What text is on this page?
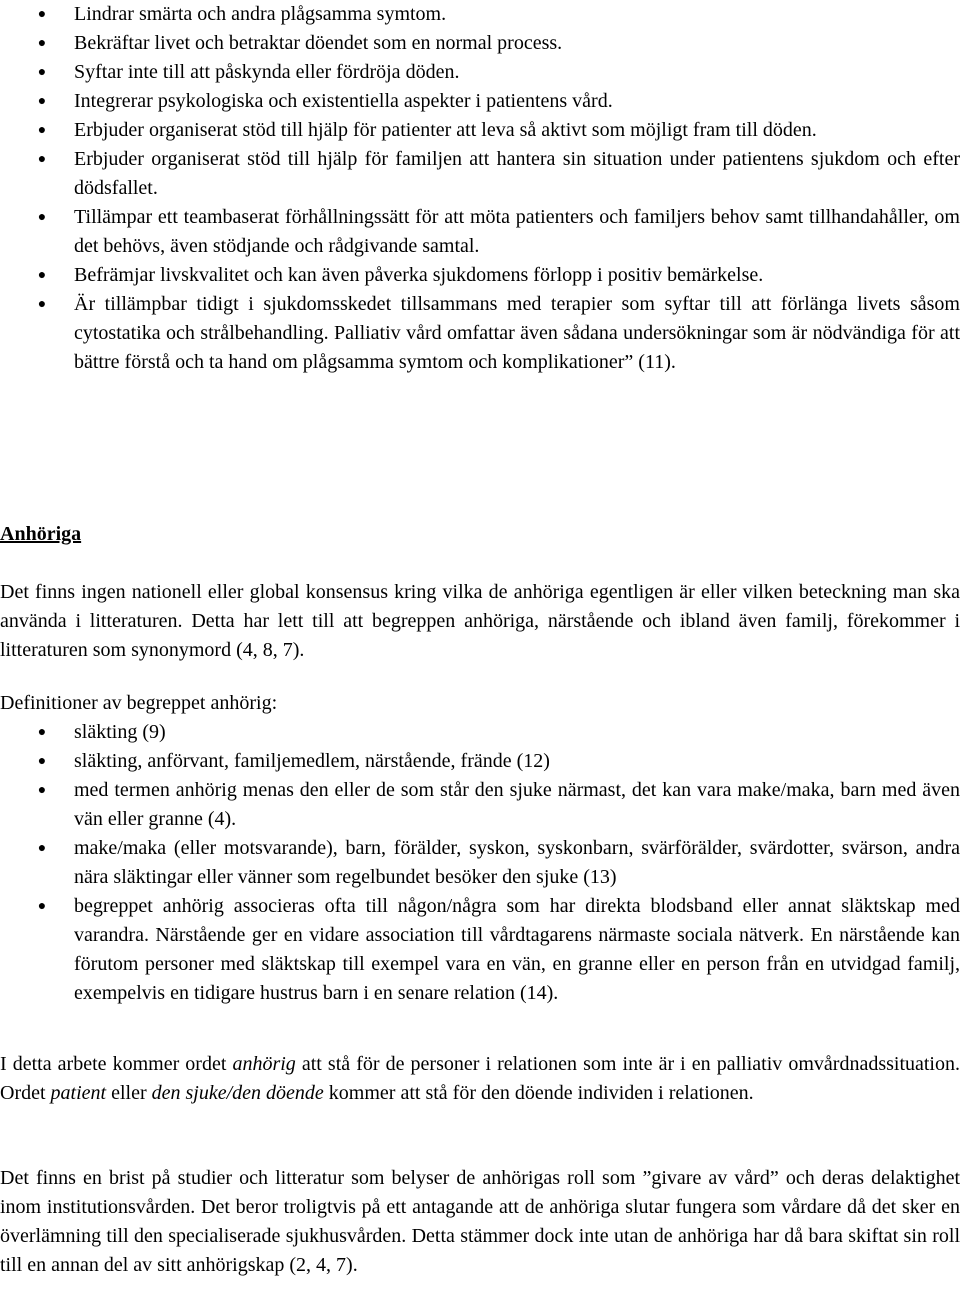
● Lindrar smärta och andra plågsamma symtom.
● Bekräftar livet och betraktar döendet som en normal process.
● Syftar inte till att påskynda eller fördröja döden.
● Integrerar psykologiska och existentiella aspekter i patientens vård.
● Erbjuder organiserat stöd till hjälp för patienter att leva så aktivt som möjligt fram till döden.
● Erbjuder organiserat stöd till hjälp för familjen att hantera sin situation under patientens sjukdom och efter dödsfallet.
● Tillämpar ett teambaserat förhållningssätt för att möta patienters och familjers behov samt tillhandahåller, om det behövs, även stödjande och rådgivande samtal.
● Befrämjar livskvalitet och kan även påverka sjukdomens förlopp i positiv bemärkelse.
● Är tillämpbar tidigt i sjukdomsskedet tillsammans med terapier som syftar till att förlänga livets såsom cytostatika och strålbehandling. Palliativ vård omfattar även sådana undersökningar som är nödvändiga för att bättre förstå och ta hand om plågsamma symtom och komplikationer” (11).

Anhöriga

Det finns ingen nationell eller global konsensus kring vilka de anhöriga egentligen är eller vilken beteckning man ska använda i litteraturen. Detta har lett till att begreppen anhöriga, närstående och ibland även familj, förekommer i litteraturen som synonymord (4, 8, 7).

Definitioner av begreppet anhörig:

● släkting (9)
● släkting, anförvant, familjemedlem, närstående, frände (12)
● med termen anhörig menas den eller de som står den sjuke närmast, det kan vara make/maka, barn med även vän eller granne (4).
● make/maka (eller motsvarande), barn, förälder, syskon, syskonbarn, svärförälder, svärdotter, svärson, andra nära släktingar eller vänner som regelbundet besöker den sjuke (13)
● begreppet anhörig associeras ofta till någon/några som har direkta blodsband eller annat släktskap med varandra. Närstående ger en vidare association till vårdtagarens närmaste sociala nätverk. En närstående kan förutom personer med släktskap till exempel vara en vän, en granne eller en person från en utvidgad familj, exempelvis en tidigare hustrus barn i en senare relation (14).

I detta arbete kommer ordet anhörig att stå för de personer i relationen som inte är i en palliativ omvårdnadssituation. Ordet patient eller den sjuke/den döende kommer att stå för den döende individen i relationen.

Det finns en brist på studier och litteratur som belyser de anhörigas roll som ”givare av vård” och deras delaktighet inom institutionsvården. Det beror troligtvis på ett antagande att de anhöriga slutar fungera som vårdare då det sker en överlämning till den specialiserade sjukhusvården. Detta stämmer dock inte utan de anhöriga har då bara skiftat sin roll till en annan del av sitt anhörigskap (2, 4, 7).
